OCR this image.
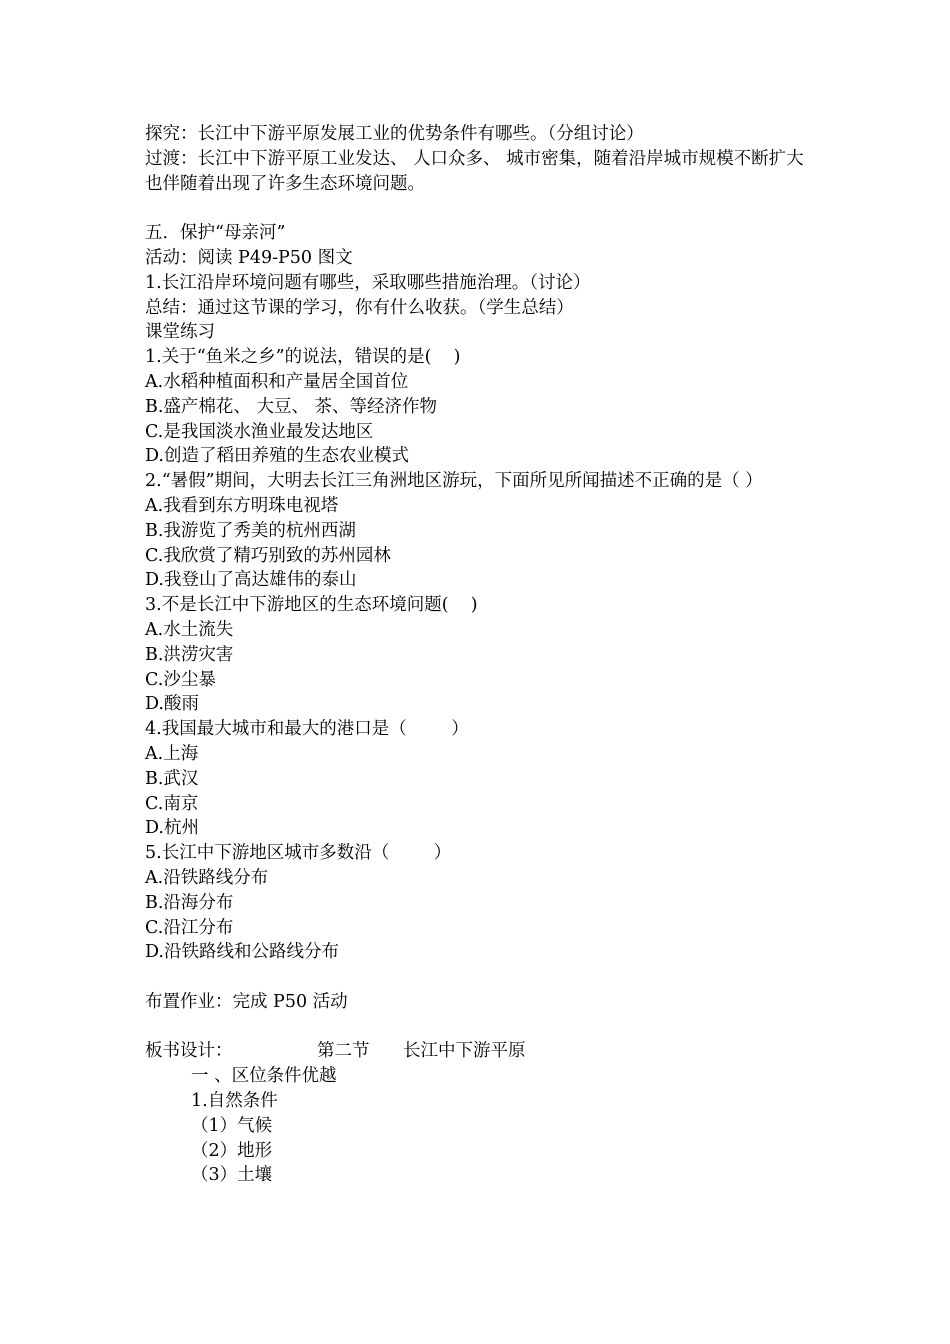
探究：长江中下游平原发展工业的优势条件有哪些。（分组讨论）

过渡：长江中下游平原工业发达、 人口众多、 城市密集，随着沿岸城市规模不断扩大也伴随着出现了许多生态环境问题。

五．保护“母亲河”

活动：阅读 P49-P50 图文

1.长江沿岸环境问题有哪些，采取哪些措施治理。（讨论）

总结：通过这节课的学习，你有什么收获。（学生总结）

课堂练习

1.关于“鱼米之乡”的说法，错误的是(    )

A.水稻种植面积和产量居全国首位

B.盛产棉花、 大豆、 茶、等经济作物

C.是我国淡水渔业最发达地区

D.创造了稻田养殖的生态农业模式

2.“暑假”期间，大明去长江三角洲地区游玩，下面所见所闻描述不正确的是（ ）

A.我看到东方明珠电视塔

B.我游览了秀美的杭州西湖

C.我欣赏了精巧别致的苏州园林

D.我登山了高达雄伟的泰山

3.不是长江中下游地区的生态环境问题(    )

A.水土流失

B.洪涝灾害

C.沙尘暴

D.酸雨

4.我国最大城市和最大的港口是（        ）

A.上海

B.武汉

C.南京

D.杭州

5.长江中下游地区城市多数沿（        ）

A.沿铁路线分布

B.沿海分布

C.沿江分布

D.沿铁路线和公路线分布

布置作业：完成 P50 活动

板书设计：	第二节	长江中下游平原

一 、区位条件优越

1.自然条件

（1）气候

（2）地形

（3）土壤
